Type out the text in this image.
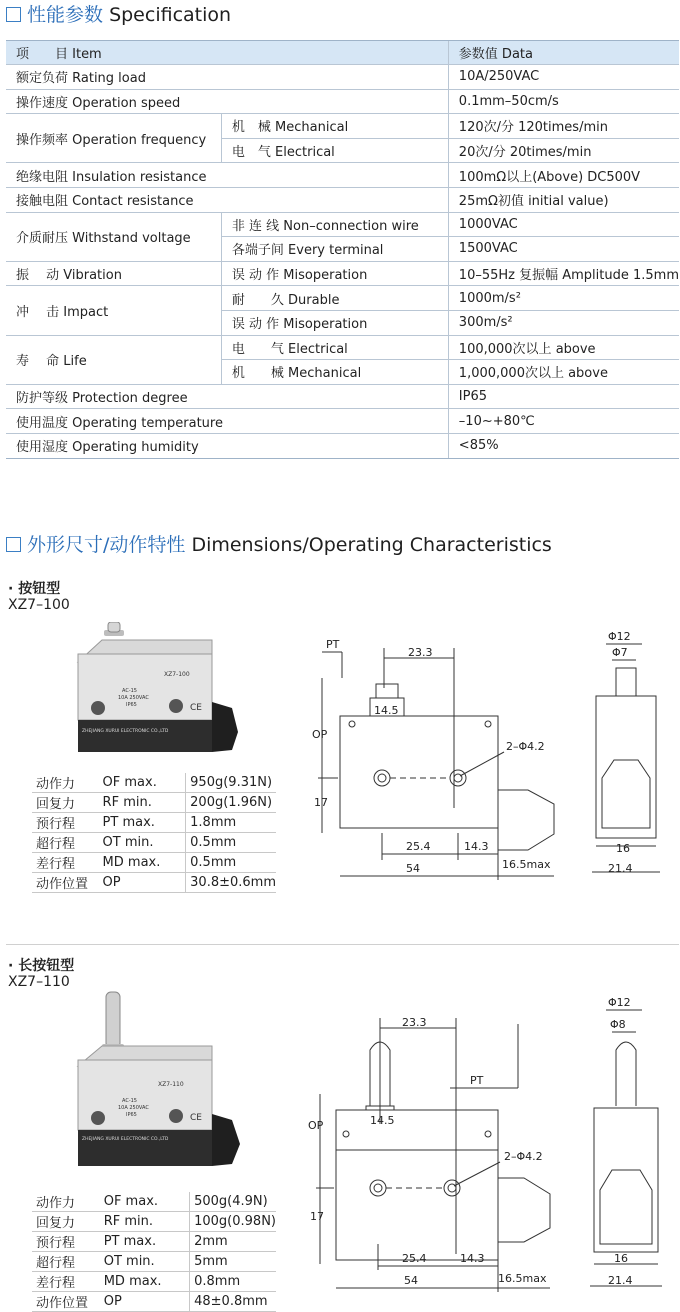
性能参数 Specification
项　　目 Item		参数值 Data
额定负荷 Rating load		10A/250VAC
操作速度 Operation speed		0.1mm–50cm/s
操作频率 Operation frequency	机　械 Mechanical	120次/分 120times/min
	电　气 Electrical	20次/分 20times/min
绝缘电阻 Insulation resistance		100mΩ以上(Above) DC500V
接触电阻 Contact resistance		25mΩ初值 initial value)
介质耐压 Withstand voltage	非 连 线 Non–connection wire	1000VAC
	各端子间 Every terminal	1500VAC
振　 动 Vibration	误 动 作 Misoperation	10–55Hz 复振幅 Amplitude 1.5mm
冲　 击 Impact	耐　　久 Durable	1000m/s²
	误 动 作 Misoperation	300m/s²
寿　 命 Life	电　　气 Electrical	100,000次以上 above
	机　　械 Mechanical	1,000,000次以上 above
防护等级 Protection degree		IP65
使用温度 Operating temperature		–10~+80℃
使用湿度 Operating humidity		<85%
外形尺寸/动作特性 Dimensions/Operating Characteristics
· 按钮型
XZ7–100
XZ7-100
AC-15
10A 250VAC
IP65	CE
ZHEJIANG XURUI ELECTRONIC CO.,LTD
动作力	OF max.	950g(9.31N)
回复力	RF min.	200g(1.96N)
预行程	PT max.	1.8mm
超行程	OT min.	0.5mm
差行程	MD max.	0.5mm
动作位置	OP	30.8±0.6mm
PT
23.3
14.5
OP
17
2–Φ4.2
25.4	14.3
54	16.5max
Φ12
Φ7
16
21.4
· 长按钮型
XZ7–110
XZ7-110
AC-15
10A 250VAC
IP65	CE
ZHEJIANG XURUI ELECTRONIC CO.,LTD
动作力	OF max.	500g(4.9N)
回复力	RF min.	100g(0.98N)
预行程	PT max.	2mm
超行程	OT min.	5mm
差行程	MD max.	0.8mm
动作位置	OP	48±0.8mm
23.3
PT
14.5
OP
17
2–Φ4.2
25.4	14.3
54	16.5max
Φ12
Φ8
16
21.4
